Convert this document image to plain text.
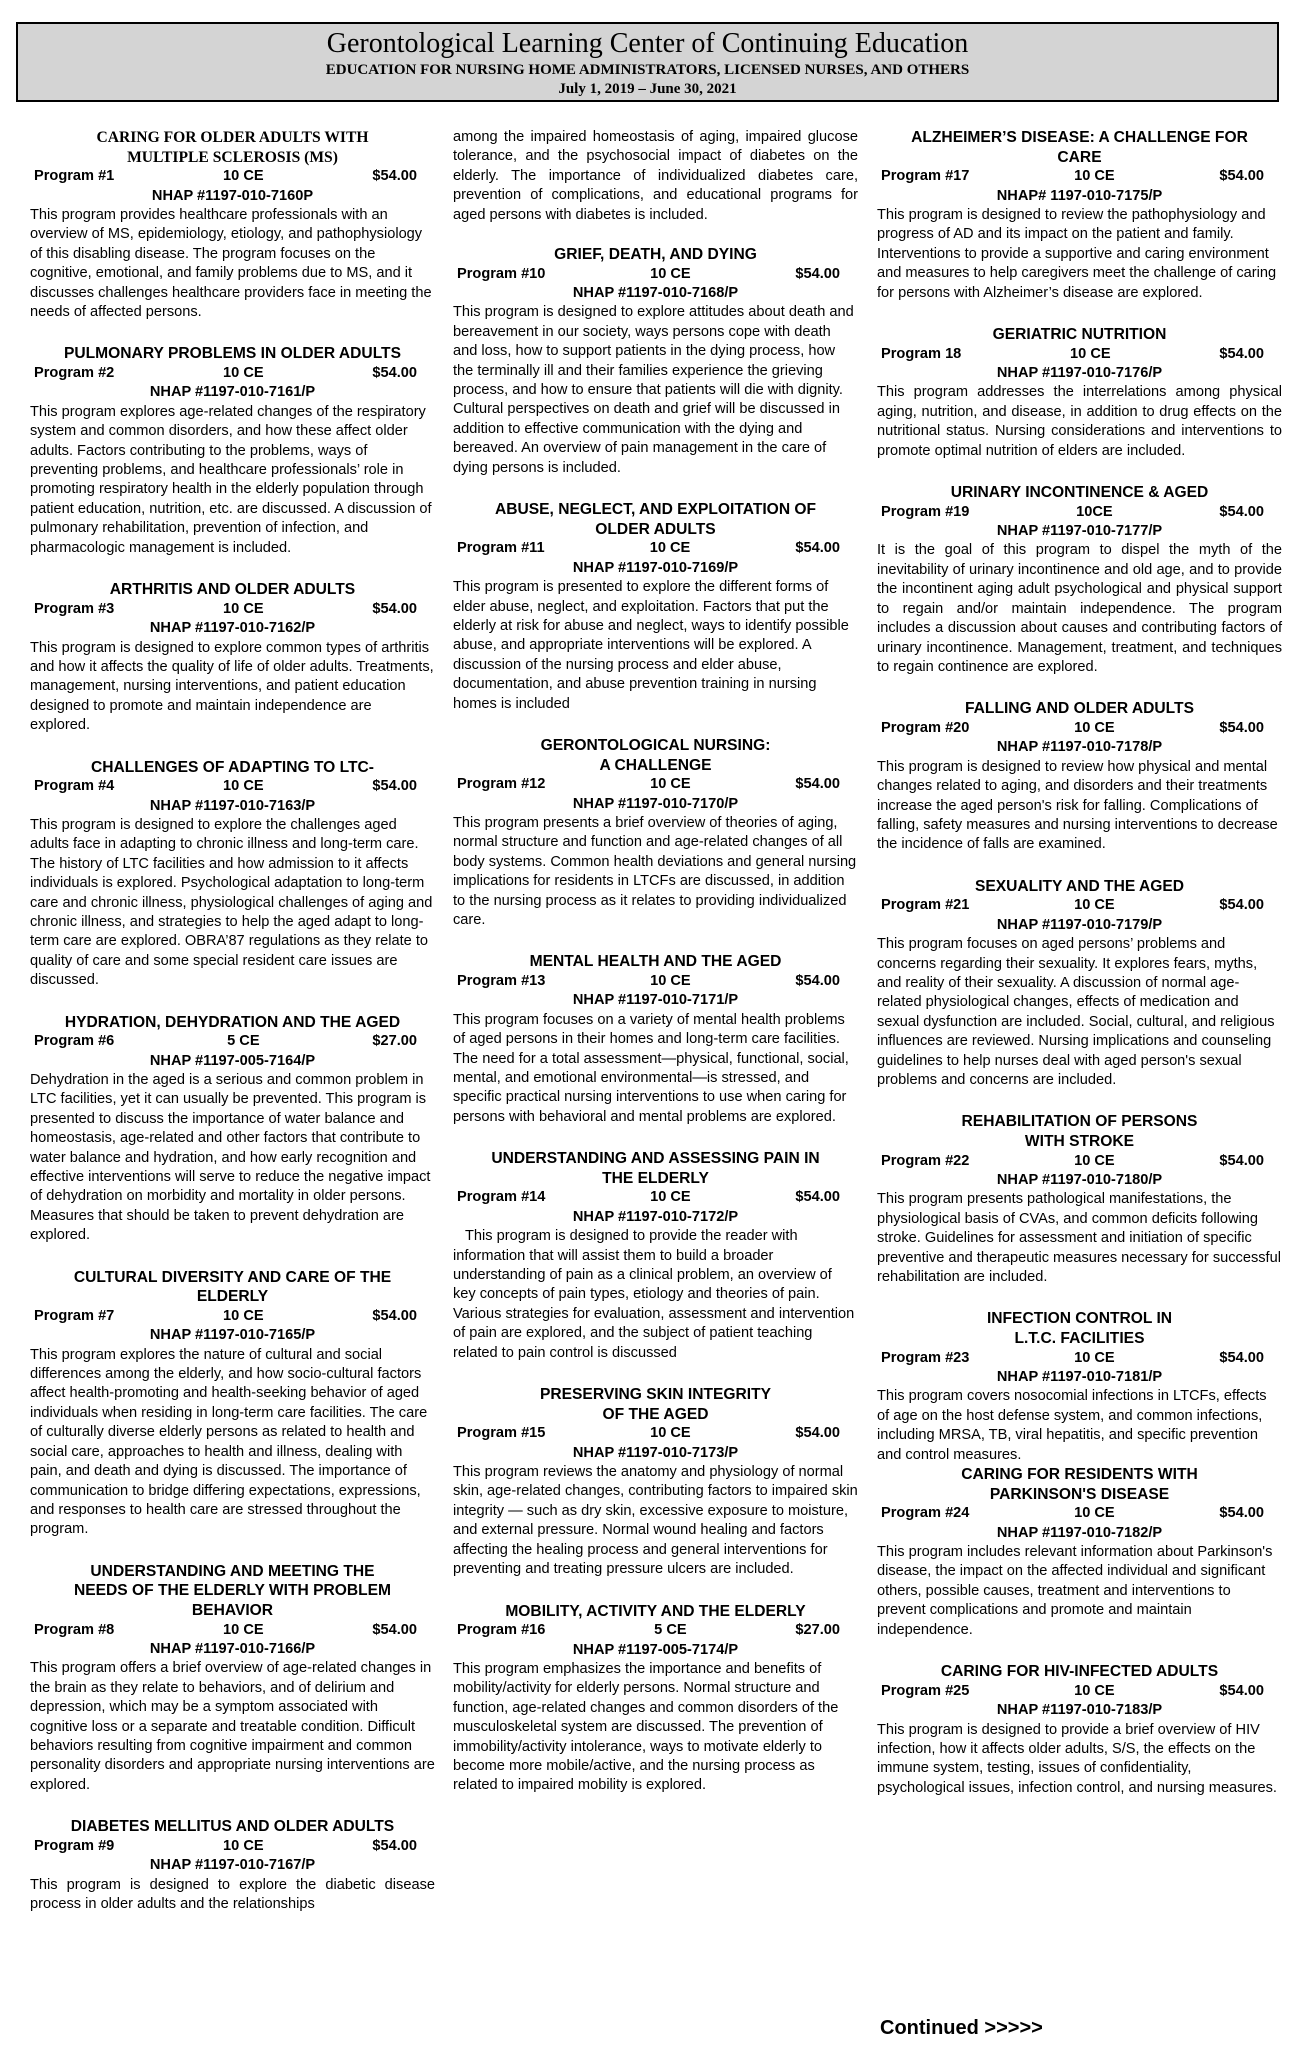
Gerontological Learning Center of Continuing Education
EDUCATION FOR NURSING HOME ADMINISTRATORS, LICENSED NURSES, AND OTHERS
July 1, 2019 – June 30, 2021
CARING FOR OLDER ADULTS WITH
MULTIPLE SCLEROSIS (MS)
Program #1	10 CE	$54.00
NHAP #1197-010-7160P

This program provides healthcare professionals with an overview of MS, epidemiology, etiology, and pathophysiology of this disabling disease. The program focuses on the cognitive, emotional, and family problems due to MS, and it discusses challenges healthcare providers face in meeting the needs of affected persons.

PULMONARY PROBLEMS IN OLDER ADULTS
Program #2	10 CE	$54.00
NHAP #1197-010-7161/P

This program explores age-related changes of the respiratory system and common disorders, and how these affect older adults. Factors contributing to the problems, ways of preventing problems, and healthcare professionals’ role in promoting respiratory health in the elderly population through patient education, nutrition, etc. are discussed. A discussion of pulmonary rehabilitation, prevention of infection, and pharmacologic management is included.

ARTHRITIS AND OLDER ADULTS
Program #3	10 CE	$54.00
NHAP #1197-010-7162/P

This program is designed to explore common types of arthritis and how it affects the quality of life of older adults. Treatments, management, nursing interventions, and patient education designed to promote and maintain independence are explored.

CHALLENGES OF ADAPTING TO LTC-
Program #4	10 CE	$54.00
NHAP #1197-010-7163/P

This program is designed to explore the challenges aged adults face in adapting to chronic illness and long-term care. The history of LTC facilities and how admission to it affects individuals is explored. Psychological adaptation to long-term care and chronic illness, physiological challenges of aging and chronic illness, and strategies to help the aged adapt to long-term care are explored. OBRA’87 regulations as they relate to quality of care and some special resident care issues are discussed.

HYDRATION, DEHYDRATION AND THE AGED
Program #6	5 CE	$27.00
NHAP #1197-005-7164/P

Dehydration in the aged is a serious and common problem in LTC facilities, yet it can usually be prevented. This program is presented to discuss the importance of water balance and homeostasis, age-related and other factors that contribute to water balance and hydration, and how early recognition and effective interventions will serve to reduce the negative impact of dehydration on morbidity and mortality in older persons. Measures that should be taken to prevent dehydration are explored.

CULTURAL DIVERSITY AND CARE OF THE
ELDERLY
Program #7	10 CE	$54.00
NHAP #1197-010-7165/P

This program explores the nature of cultural and social differences among the elderly, and how socio-cultural factors affect health-promoting and health-seeking behavior of aged individuals when residing in long-term care facilities. The care of culturally diverse elderly persons as related to health and social care, approaches to health and illness, dealing with pain, and death and dying is discussed. The importance of communication to bridge differing expectations, expressions, and responses to health care are stressed throughout the program.

UNDERSTANDING AND MEETING THE
NEEDS OF THE ELDERLY WITH PROBLEM
BEHAVIOR
Program #8	10 CE	$54.00
NHAP #1197-010-7166/P

This program offers a brief overview of age-related changes in the brain as they relate to behaviors, and of delirium and depression, which may be a symptom associated with cognitive loss or a separate and treatable condition. Difficult behaviors resulting from cognitive impairment and common personality disorders and appropriate nursing interventions are explored.

DIABETES MELLITUS AND OLDER ADULTS
Program #9	10 CE	$54.00
NHAP #1197-010-7167/P

This program is designed to explore the diabetic disease process in older adults and the relationships

among the impaired homeostasis of aging, impaired glucose tolerance, and the psychosocial impact of diabetes on the elderly. The importance of individualized diabetes care, prevention of complications, and educational programs for aged persons with diabetes is included.

GRIEF, DEATH, AND DYING
Program #10	10 CE	$54.00
NHAP #1197-010-7168/P

This program is designed to explore attitudes about death and bereavement in our society, ways persons cope with death and loss, how to support patients in the dying process, how the terminally ill and their families experience the grieving process, and how to ensure that patients will die with dignity. Cultural perspectives on death and grief will be discussed in addition to effective communication with the dying and bereaved. An overview of pain management in the care of dying persons is included.

ABUSE, NEGLECT, AND EXPLOITATION OF
OLDER ADULTS
Program #11	10 CE	$54.00
NHAP #1197-010-7169/P

This program is presented to explore the different forms of elder abuse, neglect, and exploitation. Factors that put the elderly at risk for abuse and neglect, ways to identify possible abuse, and appropriate interventions will be explored. A discussion of the nursing process and elder abuse, documentation, and abuse prevention training in nursing homes is included

GERONTOLOGICAL NURSING:
A CHALLENGE
Program #12	10 CE	$54.00
NHAP #1197-010-7170/P

This program presents a brief overview of theories of aging, normal structure and function and age-related changes of all body systems. Common health deviations and general nursing implications for residents in LTCFs are discussed, in addition to the nursing process as it relates to providing individualized care.

MENTAL HEALTH AND THE AGED
Program #13	10 CE	$54.00
NHAP #1197-010-7171/P

This program focuses on a variety of mental health problems of aged persons in their homes and long-term care facilities. The need for a total assessment—physical, functional, social, mental, and emotional environmental—is stressed, and specific practical nursing interventions to use when caring for persons with behavioral and mental problems are explored.

UNDERSTANDING AND ASSESSING PAIN IN
THE ELDERLY
Program #14	10 CE	$54.00
NHAP #1197-010-7172/P

This program is designed to provide the reader with information that will assist them to build a broader understanding of pain as a clinical problem, an overview of key concepts of pain types, etiology and theories of pain. Various strategies for evaluation, assessment and intervention of pain are explored, and the subject of patient teaching related to pain control is discussed

PRESERVING SKIN INTEGRITY
OF THE AGED
Program #15	10 CE	$54.00
NHAP #1197-010-7173/P

This program reviews the anatomy and physiology of normal skin, age-related changes, contributing factors to impaired skin integrity — such as dry skin, excessive exposure to moisture, and external pressure. Normal wound healing and factors affecting the healing process and general interventions for preventing and treating pressure ulcers are included.

MOBILITY, ACTIVITY AND THE ELDERLY
Program #16	5 CE	$27.00
NHAP #1197-005-7174/P

This program emphasizes the importance and benefits of mobility/activity for elderly persons. Normal structure and function, age-related changes and common disorders of the musculoskeletal system are discussed. The prevention of immobility/activity intolerance, ways to motivate elderly to become more mobile/active, and the nursing process as related to impaired mobility is explored.

ALZHEIMER’S DISEASE: A CHALLENGE FOR
CARE
Program #17	10 CE	$54.00
NHAP# 1197-010-7175/P

This program is designed to review the pathophysiology and progress of AD and its impact on the patient and family. Interventions to provide a supportive and caring environment and measures to help caregivers meet the challenge of caring for persons with Alzheimer’s disease are explored.

GERIATRIC NUTRITION
Program 18	10 CE	$54.00
NHAP #1197-010-7176/P

This program addresses the interrelations among physical aging, nutrition, and disease, in addition to drug effects on the nutritional status. Nursing considerations and interventions to promote optimal nutrition of elders are included.

URINARY INCONTINENCE & AGED
Program #19	10CE	$54.00
NHAP #1197-010-7177/P

It is the goal of this program to dispel the myth of the inevitability of urinary incontinence and old age, and to provide the incontinent aging adult psychological and physical support to regain and/or maintain independence. The program includes a discussion about causes and contributing factors of urinary incontinence. Management, treatment, and techniques to regain continence are explored.

FALLING AND OLDER ADULTS
Program #20	10 CE	$54.00
NHAP #1197-010-7178/P

This program is designed to review how physical and mental changes related to aging, and disorders and their treatments increase the aged person's risk for falling. Complications of falling, safety measures and nursing interventions to decrease the incidence of falls are examined.

SEXUALITY AND THE AGED
Program #21	10 CE	$54.00
NHAP #1197-010-7179/P

This program focuses on aged persons’ problems and concerns regarding their sexuality. It explores fears, myths, and reality of their sexuality. A discussion of normal age-related physiological changes, effects of medication and sexual dysfunction are included. Social, cultural, and religious influences are reviewed. Nursing implications and counseling guidelines to help nurses deal with aged person's sexual problems and concerns are included.

REHABILITATION OF PERSONS
WITH STROKE
Program #22	10 CE	$54.00
NHAP #1197-010-7180/P

This program presents pathological manifestations, the physiological basis of CVAs, and common deficits following stroke. Guidelines for assessment and initiation of specific preventive and therapeutic measures necessary for successful rehabilitation are included.

INFECTION CONTROL IN
L.T.C. FACILITIES
Program #23	10 CE	$54.00
NHAP #1197-010-7181/P

This program covers nosocomial infections in LTCFs, effects of age on the host defense system, and common infections, including MRSA, TB, viral hepatitis, and specific prevention and control measures.

CARING FOR RESIDENTS WITH
PARKINSON'S DISEASE
Program #24	10 CE	$54.00
NHAP #1197-010-7182/P

This program includes relevant information about Parkinson's disease, the impact on the affected individual and significant others, possible causes, treatment and interventions to prevent complications and promote and maintain independence.

CARING FOR HIV-INFECTED ADULTS
Program #25	10 CE	$54.00
NHAP #1197-010-7183/P

This program is designed to provide a brief overview of HIV infection, how it affects older adults, S/S, the effects on the immune system, testing, issues of confidentiality, psychological issues, infection control, and nursing measures.

Continued >>>>>
